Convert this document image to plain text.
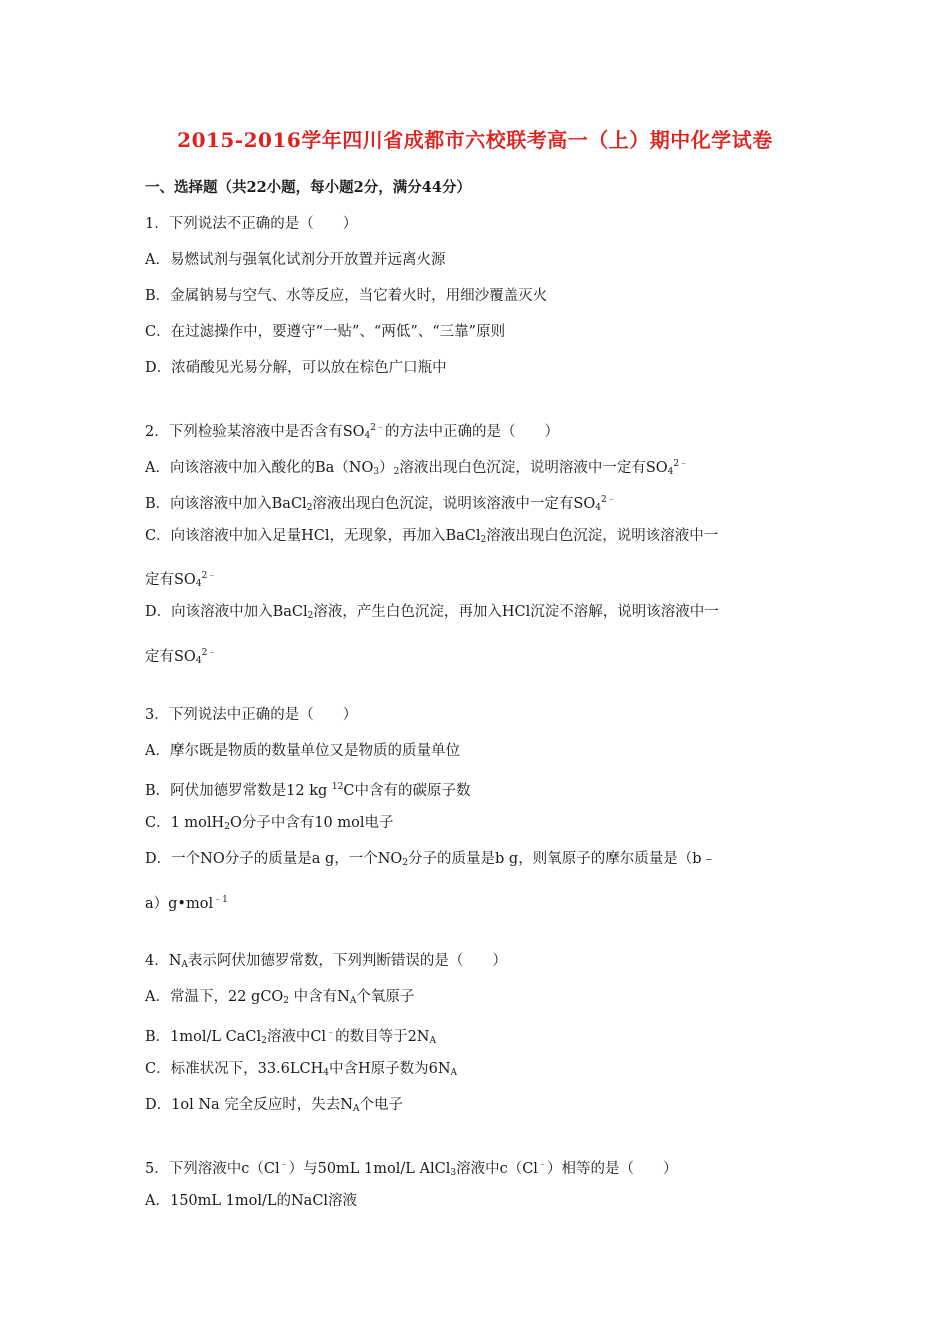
2015-2016学年四川省成都市六校联考高一（上）期中化学试卷
一、选择题（共22小题，每小题2分，满分44分）
1．下列说法不正确的是（　　）
A．易燃试剂与强氧化试剂分开放置并远离火源
B．金属钠易与空气、水等反应，当它着火时，用细沙覆盖灭火
C．在过滤操作中，要遵守“一贴”、“两低”、“三靠”原则
D．浓硝酸见光易分解，可以放在棕色广口瓶中
2．下列检验某溶液中是否含有$SO_4^{2﹣}$的方法中正确的是（　　）
A．向该溶液中加入酸化的$Ba(NO_3)_2$溶液出现白色沉淀，说明溶液中一定有$SO_4^{2﹣}$
B．向该溶液中加入BaCl$_2$溶液出现白色沉淀，说明该溶液中一定有$SO_4^{2﹣}$
C．向该溶液中加入足量HCl，无现象，再加入BaCl$_2$溶液出现白色沉淀，说明该溶液中一
定有$SO_4^{2﹣}$
D．向该溶液中加入BaCl$_2$溶液，产生白色沉淀，再加入HCl沉淀不溶解，说明该溶液中一
定有$SO_4^{2﹣}$
3．下列说法中正确的是（　　）
A．摩尔既是物质的数量单位又是物质的质量单位
B．阿伏加德罗常数是12 kg $^{12}$C中含有的碳原子数
C．1 molH$_2$O分子中含有10 mol电子
D．一个NO分子的质量是a g，一个$NO_2$分子的质量是b g，则氧原子的摩尔质量是（b﹣
a）g•mol$^{﹣1}$
4．$N_A$表示阿伏加德罗常数，下列判断错误的是（　　）
A．常温下，22 gCO$_2$ 中含有$N_A$个氧原子
B．1mol/L CaCl$_2$溶液中Cl﹣的数目等于$2N_A$
C．标准状况下，$33.6LCH_4$中含H原子数为$6N_A$
D．1ol Na 完全反应时，失去$N_A$个电子
5．下列溶液中c（Cl﹣）与50mL 1mol/L AlCl$_3$溶液中c（Cl﹣）相等的是（　　）
A．150mL 1mol/L的NaCl溶液
